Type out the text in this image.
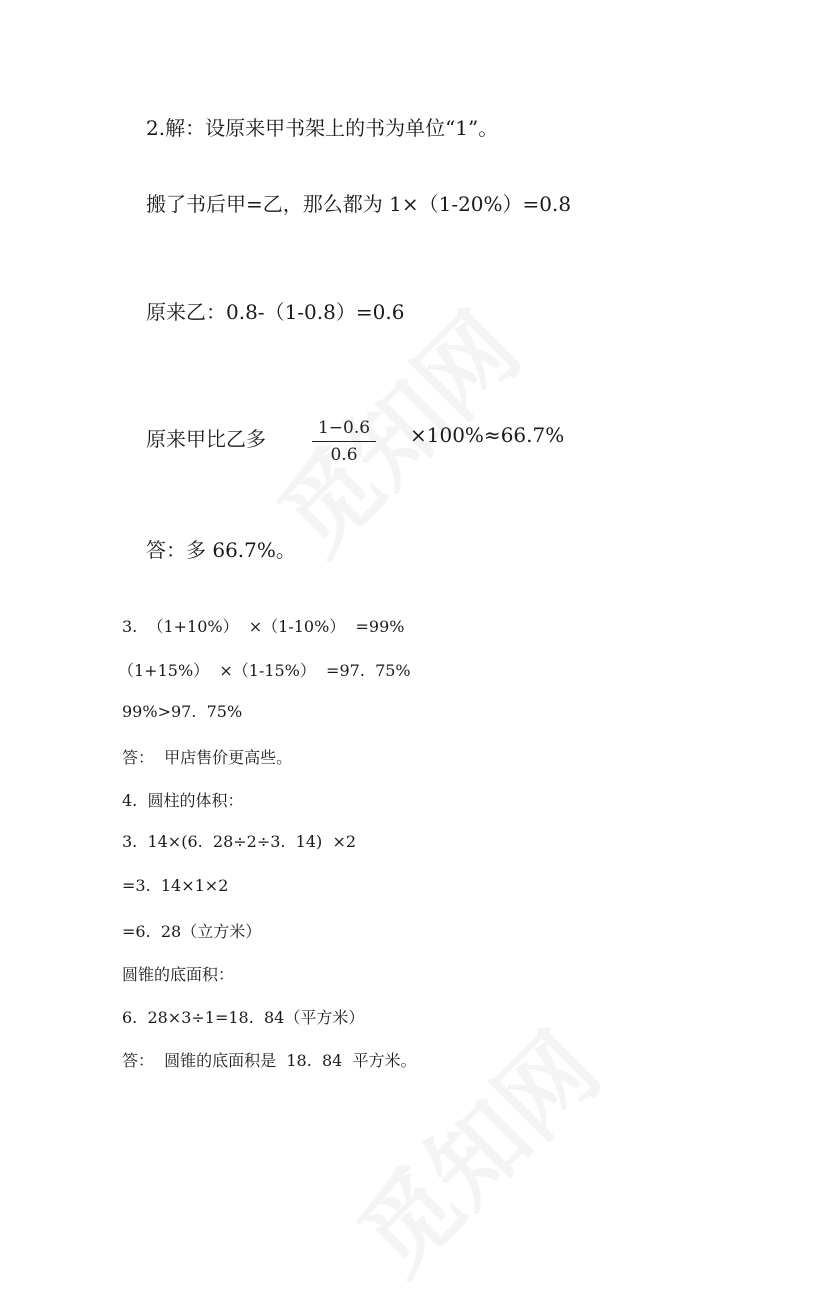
2.解：设原来甲书架上的书为单位“1”。
搬了书后甲=乙，那么都为 1×（1-20%）=0.8
原来乙：0.8-（1-0.8）=0.6
原来甲比乙多	1−0.6
0.6
×100%≈66.7%
答：多 66.7%。
3.  （1+10%）  ×（1-10%）  =99%
（1+15%）  ×（1-15%）  =97.  75%
99%>97.  75%
答：  甲店售价更高些。
4.  圆柱的体积：
3.  14×(6.  28÷2÷3.  14)  ×2
=3.  14×1×2
=6.  28（立方米）
圆锥的底面积：
6.  28×3÷1=18.  84（平方米）
答：  圆锥的底面积是  18.  84  平方米。
